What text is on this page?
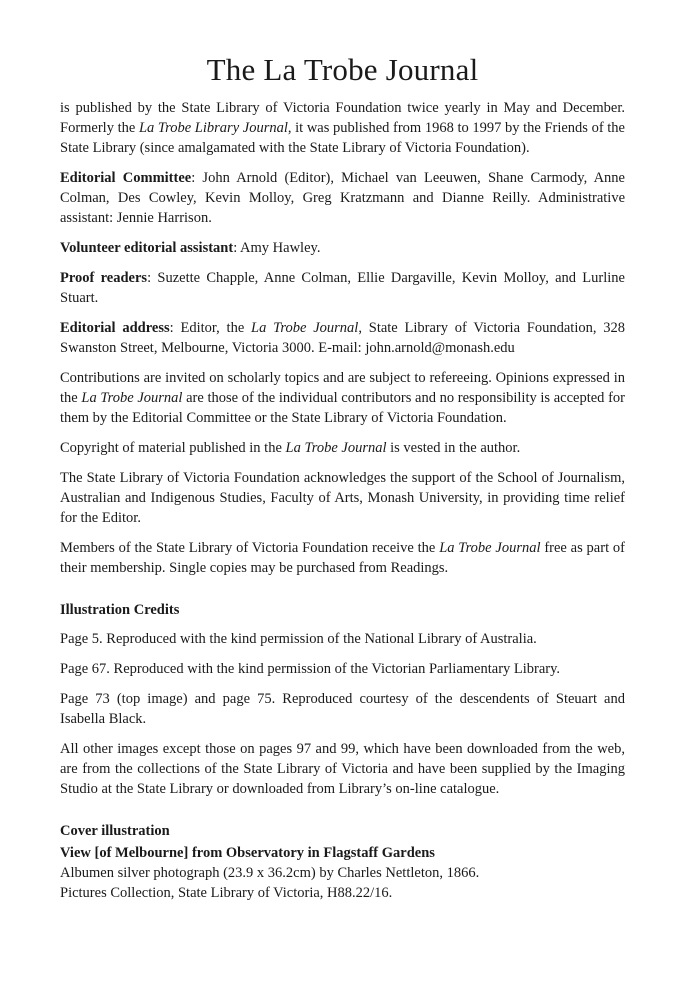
The La Trobe Journal

is published by the State Library of Victoria Foundation twice yearly in May and December. Formerly the La Trobe Library Journal, it was published from 1968 to 1997 by the Friends of the State Library (since amalgamated with the State Library of Victoria Foundation).

Editorial Committee: John Arnold (Editor), Michael van Leeuwen, Shane Carmody, Anne Colman, Des Cowley, Kevin Molloy, Greg Kratzmann and Dianne Reilly. Administrative assistant: Jennie Harrison.

Volunteer editorial assistant: Amy Hawley.

Proof readers: Suzette Chapple, Anne Colman, Ellie Dargaville, Kevin Molloy, and Lurline Stuart.

Editorial address: Editor, the La Trobe Journal, State Library of Victoria Foundation, 328 Swanston Street, Melbourne, Victoria 3000. E-mail: john.arnold@monash.edu

Contributions are invited on scholarly topics and are subject to refereeing. Opinions expressed in the La Trobe Journal are those of the individual contributors and no responsibility is accepted for them by the Editorial Committee or the State Library of Victoria Foundation.

Copyright of material published in the La Trobe Journal is vested in the author.

The State Library of Victoria Foundation acknowledges the support of the School of Journalism, Australian and Indigenous Studies, Faculty of Arts, Monash University, in providing time relief for the Editor.

Members of the State Library of Victoria Foundation receive the La Trobe Journal free as part of their membership. Single copies may be purchased from Readings.

Illustration Credits

Page 5. Reproduced with the kind permission of the National Library of Australia.

Page 67. Reproduced with the kind permission of the Victorian Parliamentary Library.

Page 73 (top image) and page 75. Reproduced courtesy of the descendents of Steuart and Isabella Black.

All other images except those on pages 97 and 99, which have been downloaded from the web, are from the collections of the State Library of Victoria and have been supplied by the Imaging Studio at the State Library or downloaded from Library’s on-line catalogue.

Cover illustration

View [of Melbourne] from Observatory in Flagstaff Gardens

Albumen silver photograph (23.9 x 36.2cm) by Charles Nettleton, 1866.

Pictures Collection, State Library of Victoria, H88.22/16.
